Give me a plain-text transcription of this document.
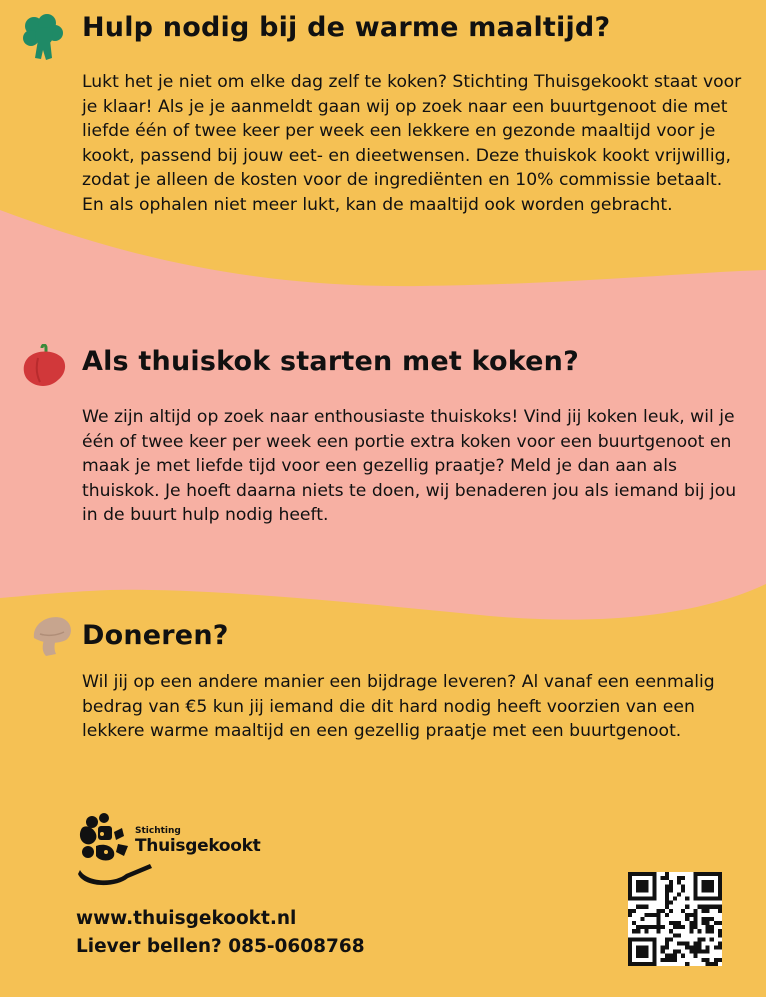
Hulp nodig bij de warme maaltijd?

Lukt het je niet om elke dag zelf te koken? Stichting Thuisgekookt staat voor je klaar! Als je je aanmeldt gaan wij op zoek naar een buurtgenoot die met liefde één of twee keer per week een lekkere en gezonde maaltijd voor je kookt, passend bij jouw eet- en dieetwensen. Deze thuiskok kookt vrijwillig, zodat je alleen de kosten voor de ingrediënten en 10% commissie betaalt. En als ophalen niet meer lukt, kan de maaltijd ook worden gebracht.

Als thuiskok starten met koken?

We zijn altijd op zoek naar enthousiaste thuiskoks! Vind jij koken leuk, wil je één of twee keer per week een portie extra koken voor een buurtgenoot en maak je met liefde tijd voor een gezellig praatje? Meld je dan aan als thuiskok. Je hoeft daarna niets te doen, wij benaderen jou als iemand bij jou in de buurt hulp nodig heeft.

Doneren?

Wil jij op een andere manier een bijdrage leveren? Al vanaf een eenmalig bedrag van €5 kun jij iemand die dit hard nodig heeft voorzien van een lekkere warme maaltijd en een gezellig praatje met een buurtgenoot.

Stichting
Thuisgekookt
www.thuisgekookt.nl
Liever bellen? 085-0608768
